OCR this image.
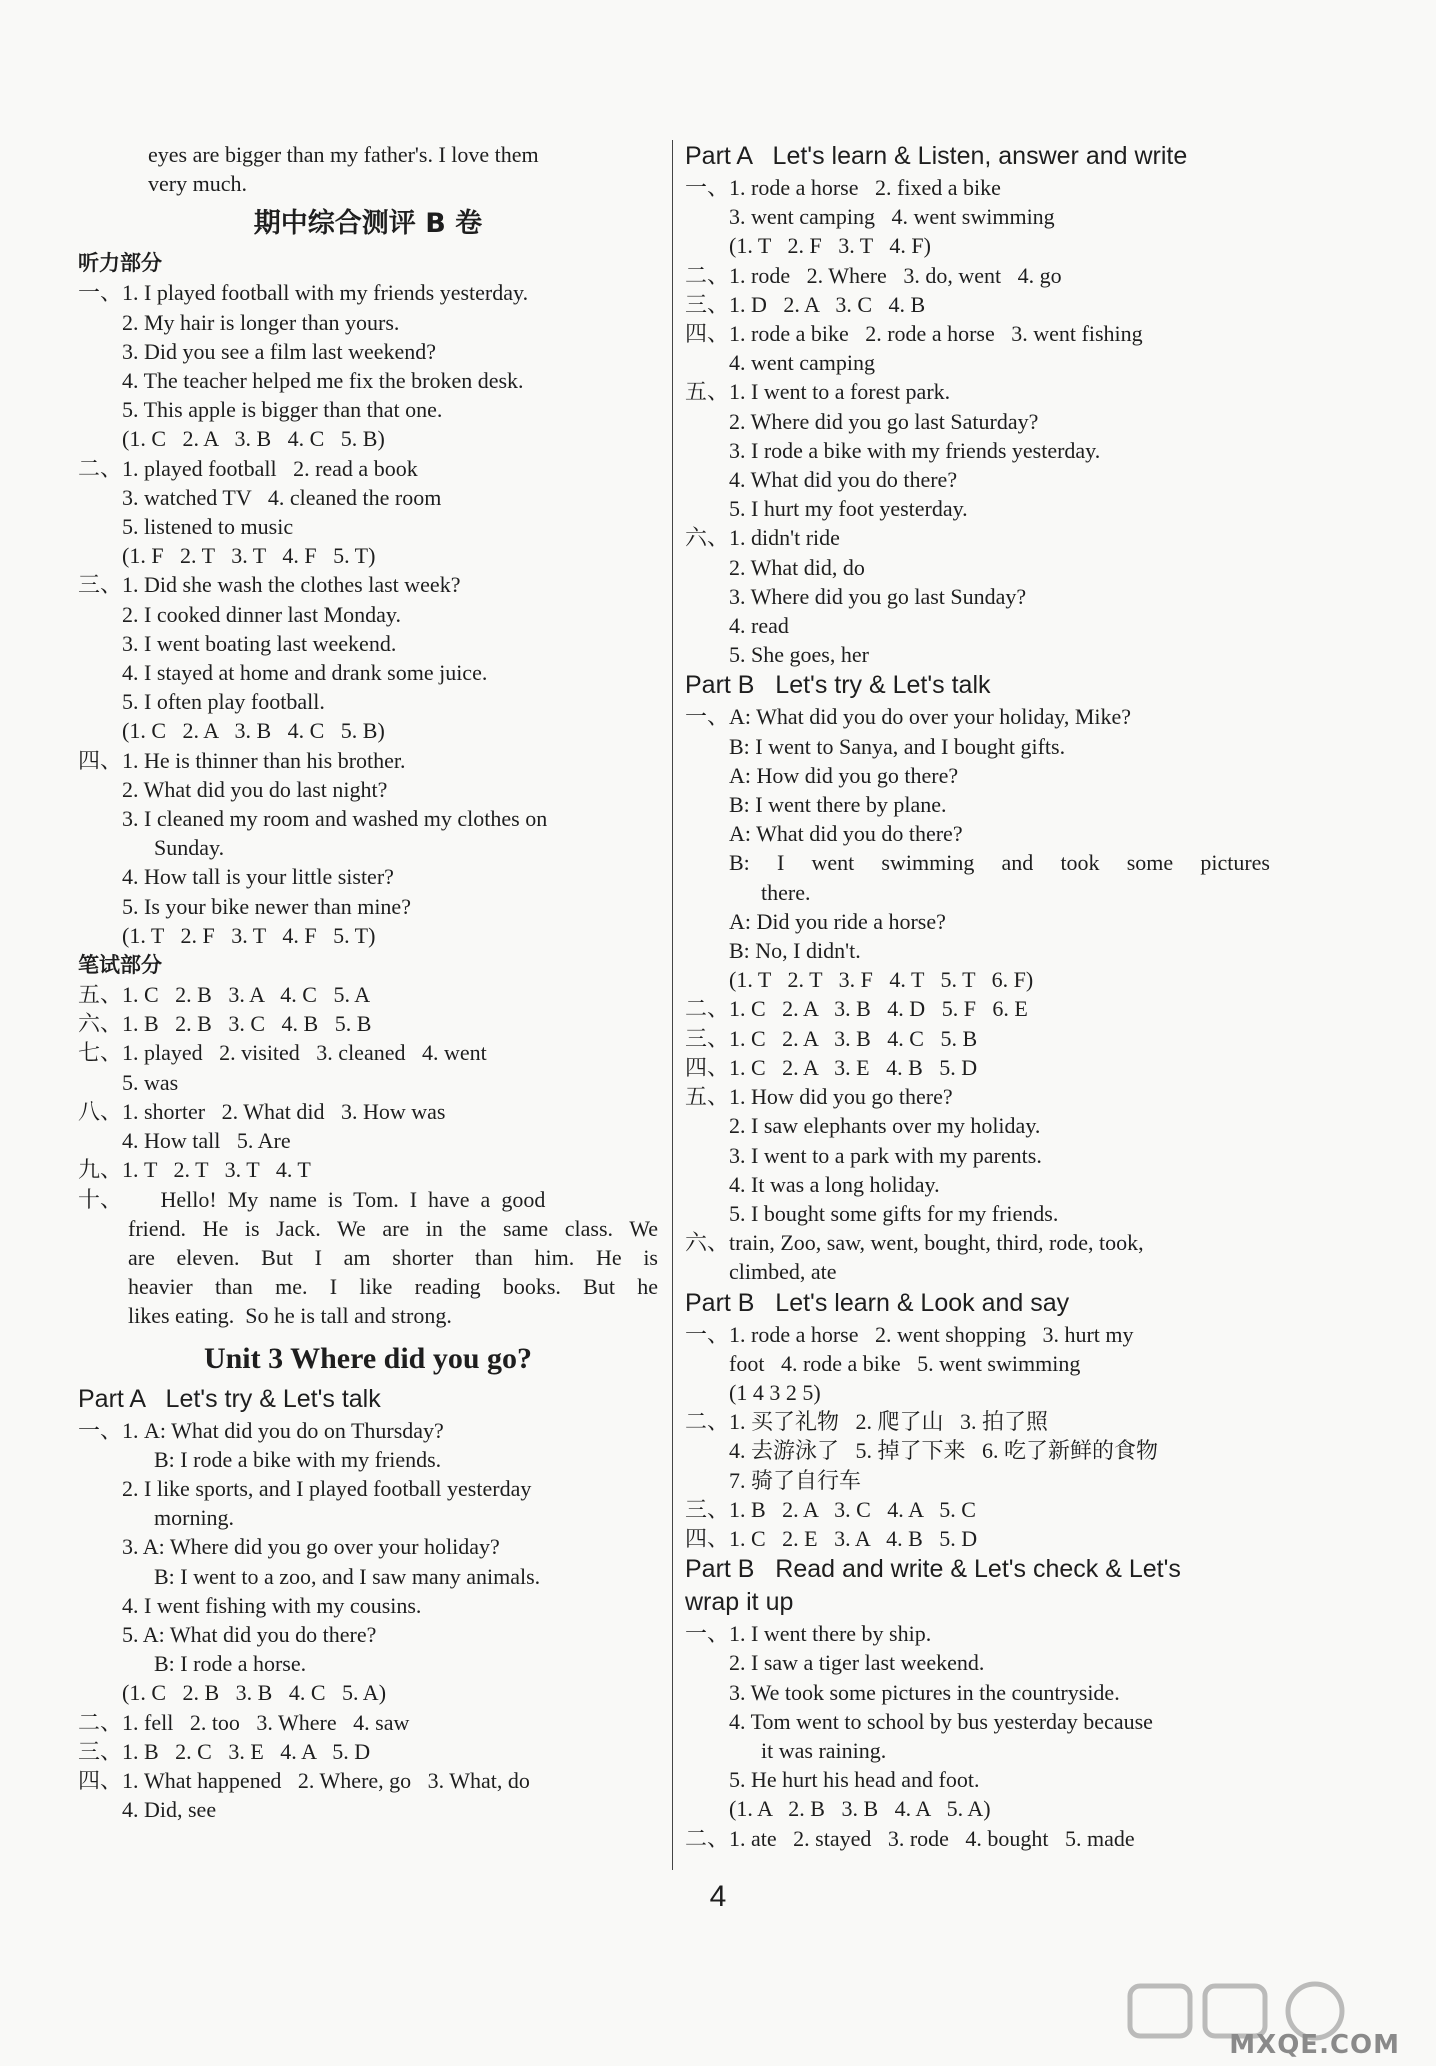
eyes are bigger than my father's. I love them
very much.
期中综合测评 B 卷
听力部分
一、1. I played football with my friends yesterday.
2. My hair is longer than yours.
3. Did you see a film last weekend?
4. The teacher helped me fix the broken desk.
5. This apple is bigger than that one.
(1. C   2. A   3. B   4. C   5. B)
二、1. played football   2. read a book
3. watched TV   4. cleaned the room
5. listened to music
(1. F   2. T   3. T   4. F   5. T)
三、1. Did she wash the clothes last week?
2. I cooked dinner last Monday.
3. I went boating last weekend.
4. I stayed at home and drank some juice.
5. I often play football.
(1. C   2. A   3. B   4. C   5. B)
四、1. He is thinner than his brother.
2. What did you do last night?
3. I cleaned my room and washed my clothes on
Sunday.
4. How tall is your little sister?
5. Is your bike newer than mine?
(1. T   2. F   3. T   4. F   5. T)
笔试部分
五、1. C   2. B   3. A   4. C   5. A
六、1. B   2. B   3. C   4. B   5. B
七、1. played   2. visited   3. cleaned   4. went
5. was
八、1. shorter   2. What did   3. How was
4. How tall   5. Are
九、1. T   2. T   3. T   4. T
十、       Hello!  My  name  is  Tom.  I  have  a  good
friend. He is Jack. We are in the same class. We
are eleven. But I am shorter than him. He is
heavier than me. I like reading books. But he
likes eating.  So he is tall and strong.
Unit 3 Where did you go?
Part A   Let's try & Let's talk
一、1. A: What did you do on Thursday?
B: I rode a bike with my friends.
2. I like sports, and I played football yesterday
morning.
3. A: Where did you go over your holiday?
B: I went to a zoo, and I saw many animals.
4. I went fishing with my cousins.
5. A: What did you do there?
B: I rode a horse.
(1. C   2. B   3. B   4. C   5. A)
二、1. fell   2. too   3. Where   4. saw
三、1. B   2. C   3. E   4. A   5. D
四、1. What happened   2. Where, go   3. What, do
4. Did, see
Part A   Let's learn & Listen, answer and write
一、1. rode a horse   2. fixed a bike
3. went camping   4. went swimming
(1. T   2. F   3. T   4. F)
二、1. rode   2. Where   3. do, went   4. go
三、1. D   2. A   3. C   4. B
四、1. rode a bike   2. rode a horse   3. went fishing
4. went camping
五、1. I went to a forest park.
2. Where did you go last Saturday?
3. I rode a bike with my friends yesterday.
4. What did you do there?
5. I hurt my foot yesterday.
六、1. didn't ride
2. What did, do
3. Where did you go last Sunday?
4. read
5. She goes, her
Part B   Let's try & Let's talk
一、A: What did you do over your holiday, Mike?
B: I went to Sanya, and I bought gifts.
A: How did you go there?
B: I went there by plane.
A: What did you do there?
B: I went swimming and took some pictures
there.
A: Did you ride a horse?
B: No, I didn't.
(1. T   2. T   3. F   4. T   5. T   6. F)
二、1. C   2. A   3. B   4. D   5. F   6. E
三、1. C   2. A   3. B   4. C   5. B
四、1. C   2. A   3. E   4. B   5. D
五、1. How did you go there?
2. I saw elephants over my holiday.
3. I went to a park with my parents.
4. It was a long holiday.
5. I bought some gifts for my friends.
六、train, Zoo, saw, went, bought, third, rode, took,
climbed, ate
Part B   Let's learn & Look and say
一、1. rode a horse   2. went shopping   3. hurt my
foot   4. rode a bike   5. went swimming
(1 4 3 2 5)
二、1. 买了礼物   2. 爬了山   3. 拍了照
4. 去游泳了   5. 掉了下来   6. 吃了新鲜的食物
7. 骑了自行车
三、1. B   2. A   3. C   4. A   5. C
四、1. C   2. E   3. A   4. B   5. D
Part B   Read and write & Let's check & Let's
wrap it up
一、1. I went there by ship.
2. I saw a tiger last weekend.
3. We took some pictures in the countryside.
4. Tom went to school by bus yesterday because
it was raining.
5. He hurt his head and foot.
(1. A   2. B   3. B   4. A   5. A)
二、1. ate   2. stayed   3. rode   4. bought   5. made
4
MXQE.COM
